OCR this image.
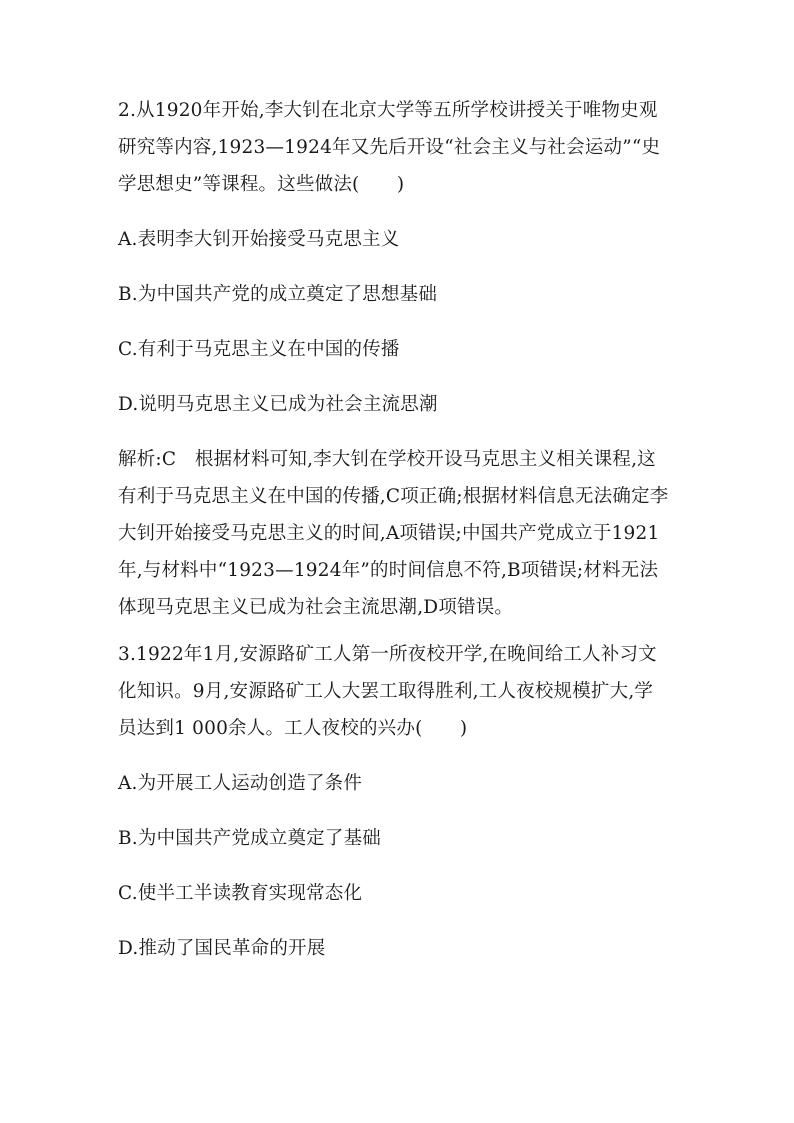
2.从1920年开始,李大钊在北京大学等五所学校讲授关于唯物史观
研究等内容,1923—1924年又先后开设“社会主义与社会运动”“史
学思想史”等课程。这些做法(　　)
A.表明李大钊开始接受马克思主义
B.为中国共产党的成立奠定了思想基础
C.有利于马克思主义在中国的传播
D.说明马克思主义已成为社会主流思潮
解析:C　根据材料可知,李大钊在学校开设马克思主义相关课程,这
有利于马克思主义在中国的传播,C项正确;根据材料信息无法确定李
大钊开始接受马克思主义的时间,A项错误;中国共产党成立于1921
年,与材料中“1923—1924年”的时间信息不符,B项错误;材料无法
体现马克思主义已成为社会主流思潮,D项错误。
3.1922年1月,安源路矿工人第一所夜校开学,在晚间给工人补习文
化知识。9月,安源路矿工人大罢工取得胜利,工人夜校规模扩大,学
员达到1 000余人。工人夜校的兴办(　　)
A.为开展工人运动创造了条件
B.为中国共产党成立奠定了基础
C.使半工半读教育实现常态化
D.推动了国民革命的开展
